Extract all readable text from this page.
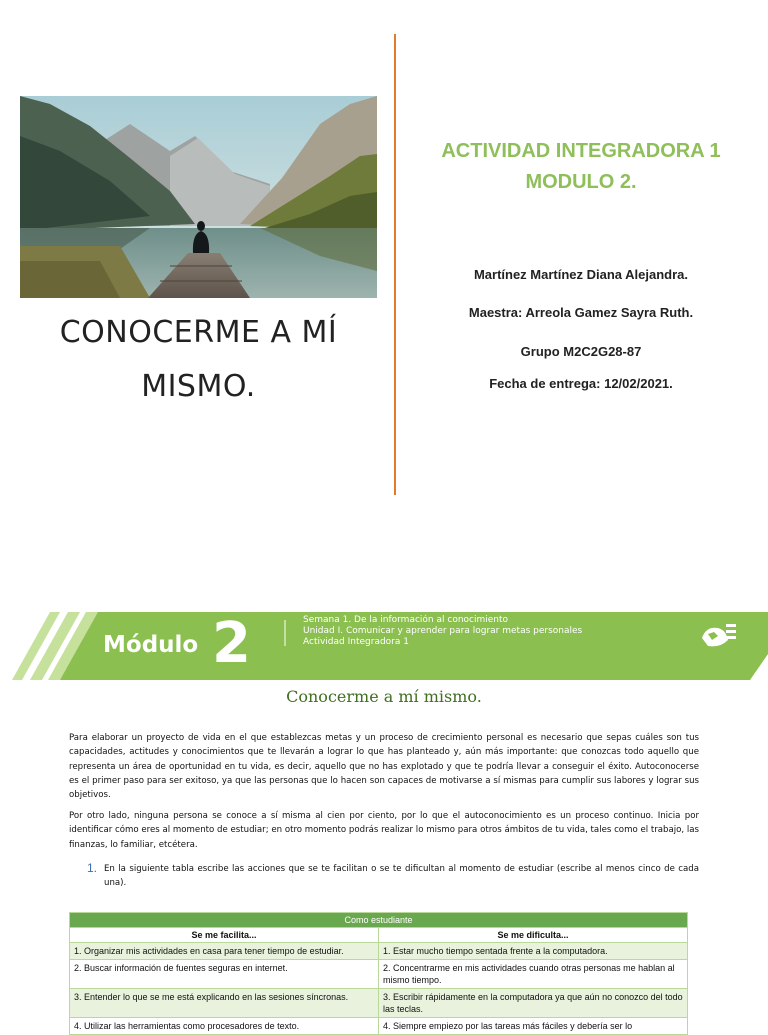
CONOCERME A MÍ
MISMO.
ACTIVIDAD INTEGRADORA 1
MODULO 2.
Martínez Martínez Diana Alejandra.
Maestra: Arreola Gamez Sayra Ruth.
Grupo M2C2G28-87
Fecha de entrega: 12/02/2021.
Módulo 2	Semana 1. De la información al conocimiento
Unidad I. Comunicar y aprender para lograr metas personales
Actividad Integradora 1
Conocerme a mí mismo.

Para elaborar un proyecto de vida en el que establezcas metas y un proceso de crecimiento personal es necesario que sepas cuáles son tus capacidades, actitudes y conocimientos que te llevarán a lograr lo que has planteado y, aún más importante: que conozcas todo aquello que representa un área de oportunidad en tu vida, es decir, aquello que no has explotado y que te podría llevar a conseguir el éxito. Autoconocerse es el primer paso para ser exitoso, ya que las personas que lo hacen son capaces de motivarse a sí mismas para cumplir sus labores y lograr sus objetivos.

Por otro lado, ninguna persona se conoce a sí misma al cien por ciento, por lo que el autoconocimiento es un proceso continuo. Inicia por identificar cómo eres al momento de estudiar; en otro momento podrás realizar lo mismo para otros ámbitos de tu vida, tales como el trabajo, las finanzas, lo familiar, etcétera.

1. En la siguiente tabla escribe las acciones que se te facilitan o se te dificultan al momento de estudiar (escribe al menos cinco de cada una).

Como estudiante	
Se me facilita...	Se me dificulta...
1. Organizar mis actividades en casa para tener tiempo de estudiar.	1. Estar mucho tiempo sentada frente a la computadora.
2. Buscar información de fuentes seguras en internet.	2. Concentrarme en mis actividades cuando otras personas me hablan al mismo tiempo.
3. Entender lo que se me está explicando en las sesiones síncronas.	3. Escribir rápidamente en la computadora ya que aún no conozco del todo las teclas.
4. Utilizar las herramientas como procesadores de texto.	4. Siempre empiezo por las tareas más fáciles y debería ser lo
